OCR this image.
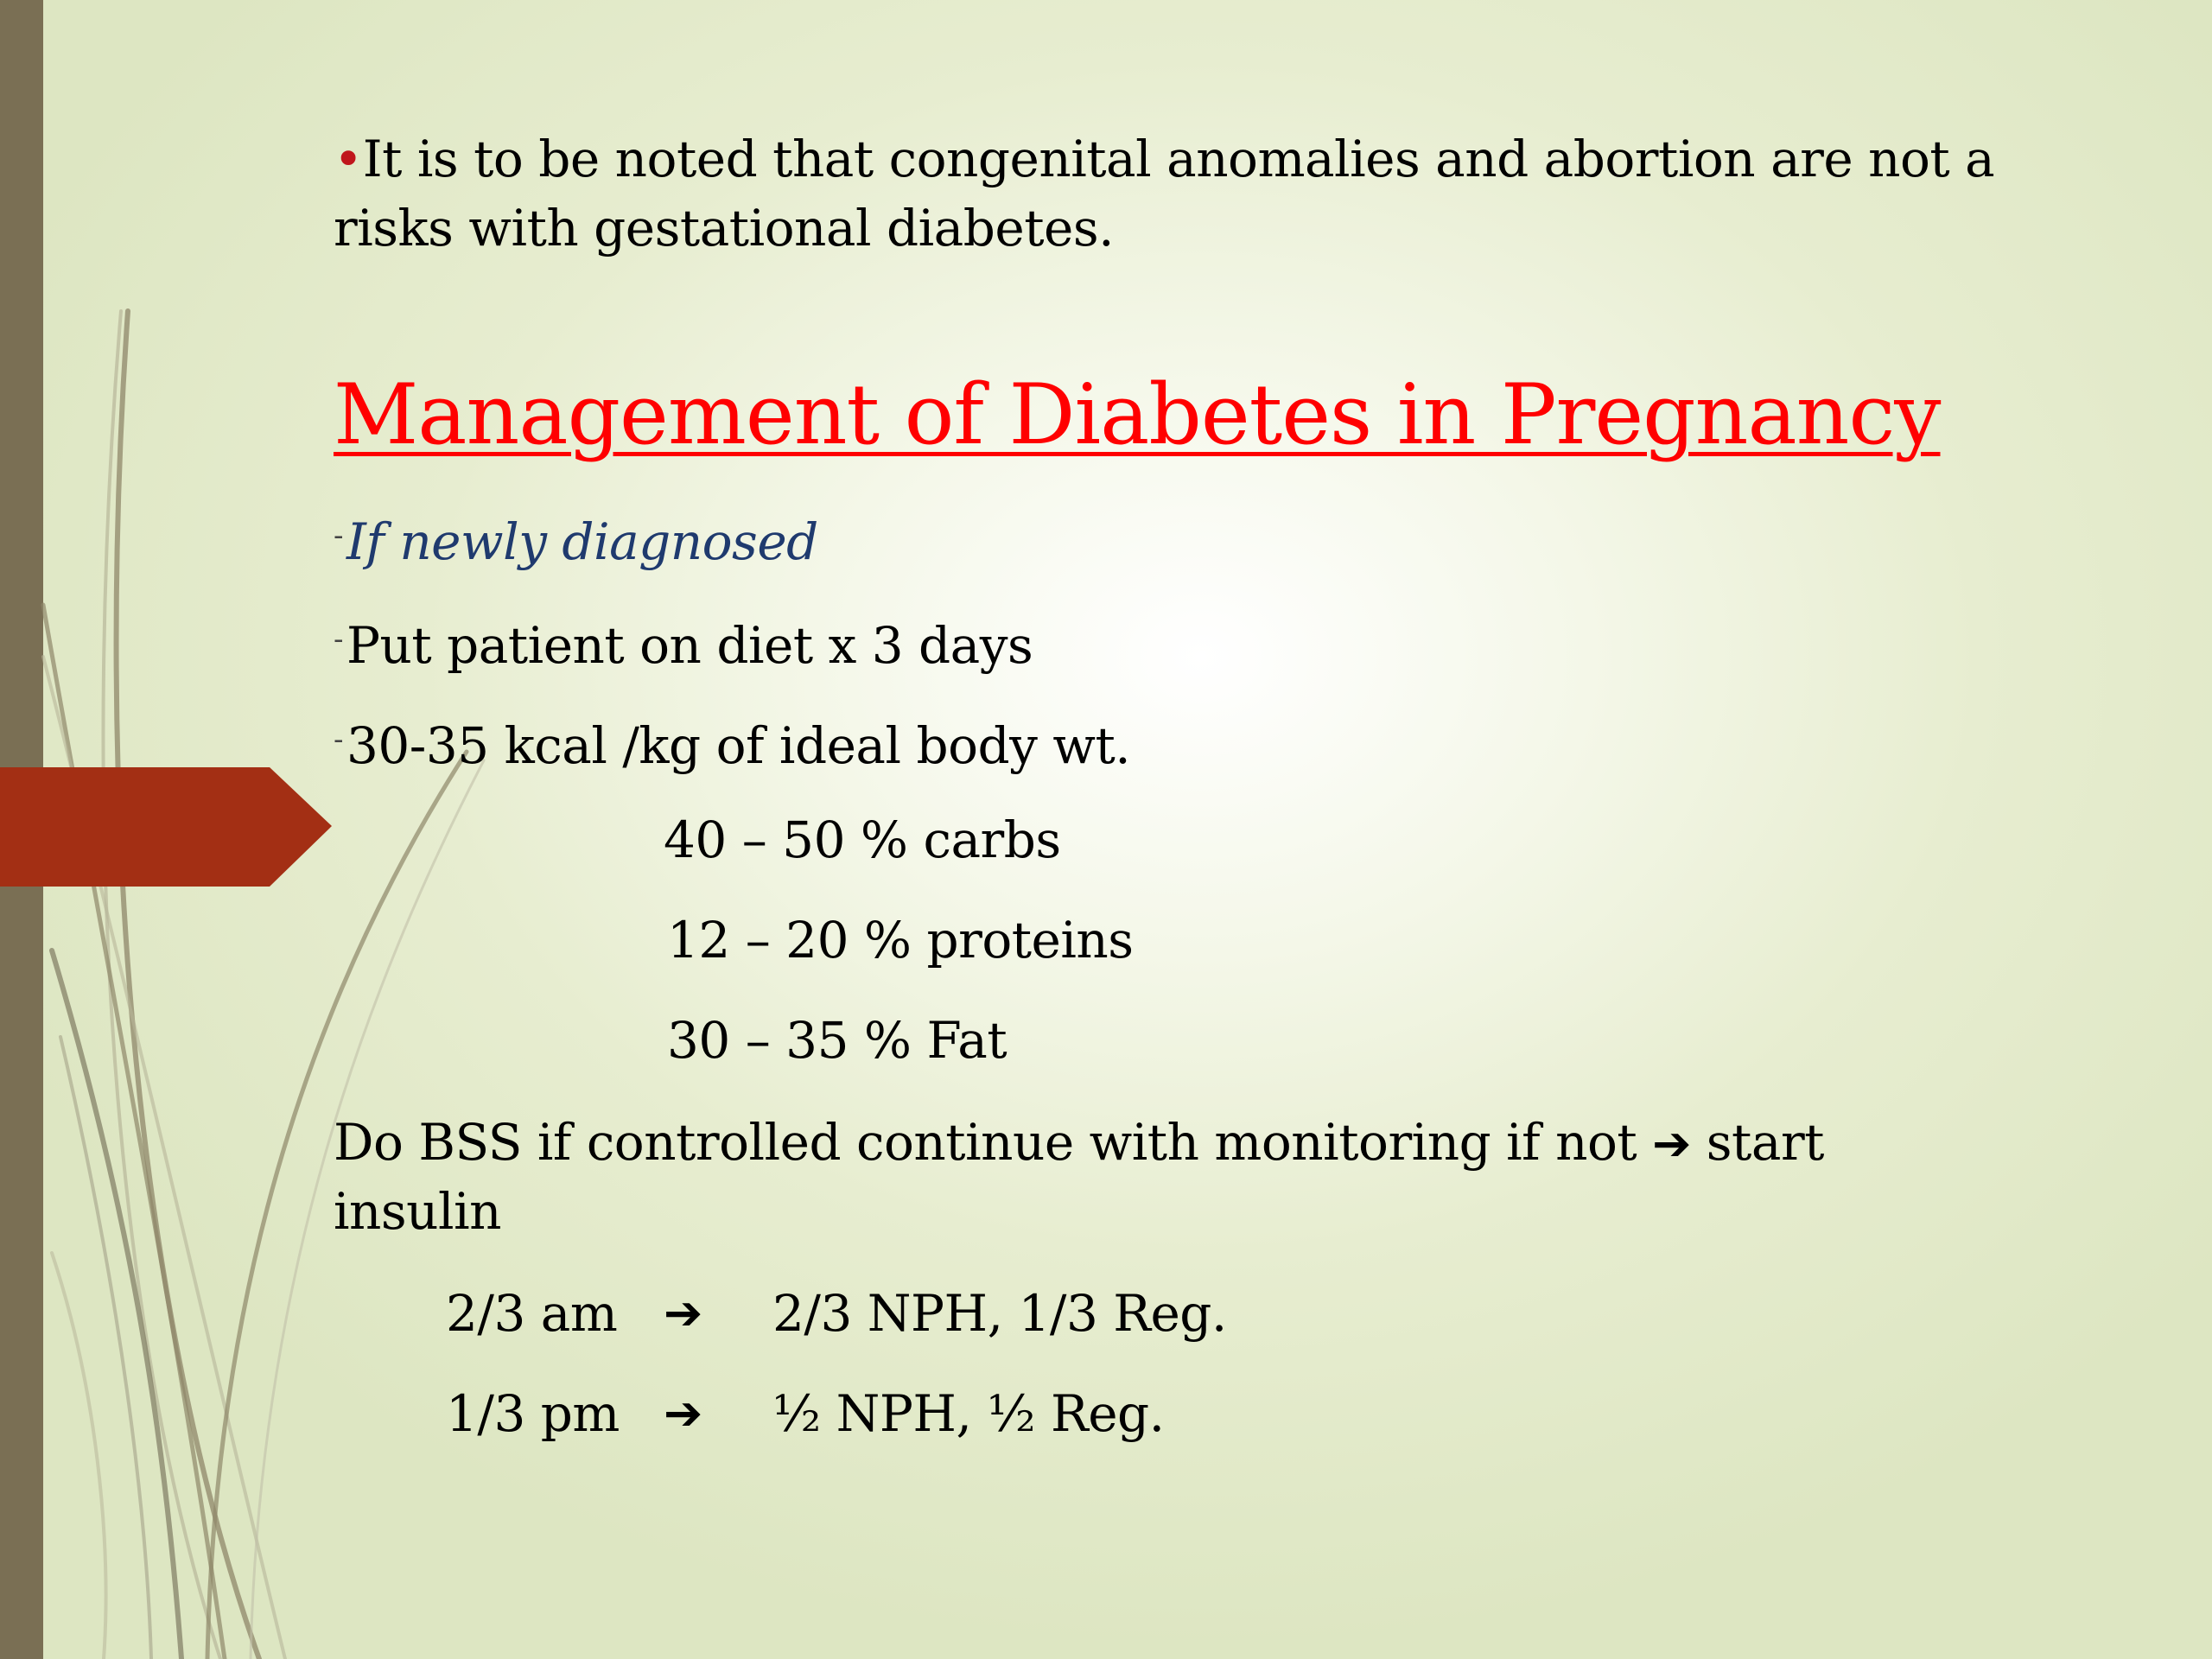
•It is to be noted that congenital anomalies and abortion are not a
risks with gestational diabetes.
Management of Diabetes in Pregnancy
-If newly diagnosed
-Put patient on diet x 3 days
-30-35 kcal /kg of ideal body wt.
40 – 50 % carbs
12 – 20 % proteins
30 – 35 % Fat
Do BSS if controlled continue with monitoring if not ➔ start
insulin
2/3 am ➔ 2/3 NPH, 1/3 Reg.
1/3 pm ➔ ½ NPH, ½ Reg.
